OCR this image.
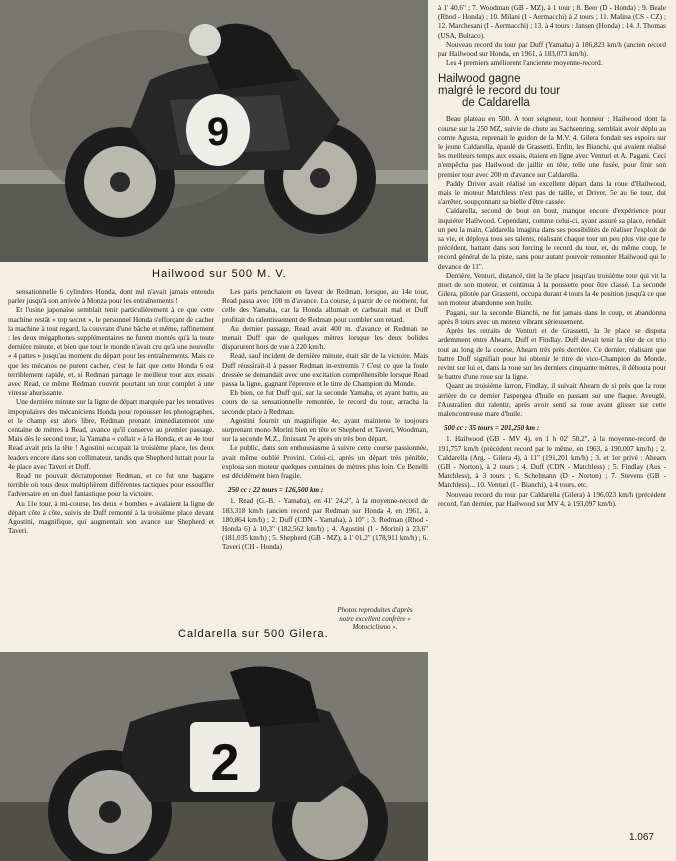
9
Hailwood sur 500 M. V.

sensationnelle 6 cylindres Honda, dont nul n'avait jamais entendu parler jusqu'à son arrivée à Monza pour les entraînements !

Et l'usine japonaise semblait tenir particulièrement à ce que cette machine restât « top secret », le personnel Honda s'efforçant de cacher la machine à tout regard, la couvrant d'une bâche et même, raffinement : les deux mégaphones supplémentaires ne furent montés qu'à la toute dernière minute, et bien que tout le monde n'avait cru qu'à une nouvelle « 4 pattes » jusqu'au moment du départ pour les entraînements. Mais ce que les mécanos ne purent cacher, c'est le fait que cette Honda 6 est terriblement rapide, et, si Redman partage le meilleur tour aux essais avec Read, ce même Redman couvrit pourtant un tour complet à une vitesse ahurissante.

Une dernière minute sur la ligne de départ marquée par les tentatives impopulaires des mécaniciens Honda pour repousser les photographes, et le champ est alors libre, Redman prenant immédiatement une centaine de mètres à Read, avance qu'il conserve au premier passage. Mais dès le second tour, la Yamaha « collait » à la Honda, et au 4e tour Read avait pris la tête ! Agostini occupait la troisième place, les deux leaders encore dans son collimateur, tandis que Shepherd luttait pour la 4e place avec Taveri et Duff.

Read ne pouvait décramponner Redman, et ce fut une bagarre terrible où tous deux multiplièrent différentes tactiques pour essouffler l'adversaire en un duel fantastique pour la victoire.

Au 11e tour, à mi-course, les deux « bombes » avalaient la ligne de départ côte à côte, suivis de Duff remonté à la troisième place devant Agostini, magnifique, qui augmentait son avance sur Shepherd et Taveri.

Les paris penchaient en faveur de Redman, lorsque, au 14e tour, Read passa avec 100 m d'avance. La course, à partir de ce moment, fut celle des Yamaha, car la Honda allumait et carburait mal et Duff profitait du ralentissement de Redman pour combler son retard.

Au dernier passage, Read avait 400 m. d'avance et Redman ne menait Duff que de quelques mètres lorsque les deux bolides disparurent hors de vue à 220 km/h.

Read, sauf incident de dernière minute, était sûr de la victoire. Mais Duff réussirait-il à passer Redman in-extremis ? C'est ce que la foule dressée se demandait avec une excitation compréhensible lorsque Read passa la ligne, gagnant l'épreuve et le titre de Champion du Monde.

Eh bien, ce fut Duff qui, sur la seconde Yamaha, et ayant battu, au cours de sa sensationnelle remontée, le record du tour, arracha la seconde place à Redman.

Agostini fournit un magnifique 4e, ayant maintenu le toujours surprenant mono Morini bien en tête et Shepherd et Taveri, Woodman, sur la seconde M.Z., finissant 7e après un très bon départ.

Le public, dans son enthousiasme à suivre cette course passionnée, avait même oublié Provini. Celui-ci, après un départ très pénible, explosa son moteur quelques centaines de mètres plus loin. Ce Benelli est décidément bien fragile.

250 cc : 22 tours = 126,500 km :

1. Read (G.-B. - Yamaha), en 41' 24,2", à la moyenne-record de 183,318 km/h (ancien record par Redman sur Honda 4, en 1961, à 180,864 km/h) ; 2. Duff (CDN - Yamaha), à 10" ; 3. Redman (Rhod - Honda 6) à 10,3" (182,562 km/h) ; 4. Agostini (I - Morini) à 23,6" (181,035 km/h) ; 5. Shepherd (GB - MZ), à 1' 01,2" (178,911 km/h) ; 6. Taveri (CH - Honda)

Caldarella sur 500 Gilera.
Photos reproduites d'après notre excellent confrère « Motociclismo ».
2

à 1' 40,6" ; 7. Woodman (GB - MZ), à 1 tour ; 8. Beer (D - Honda) ; 9. Beale (Rhod - Honda) ; 10. Milani (I - Aermacchi) à 2 tours ; 11. Malina (CS - CZ) ; 12. Marchesani (I - Aermacchi) ; 13. à 4 tours : Jansen (Honda) ; 14. J. Thomas (USA, Bultaco).

Nouveau record du tour par Duff (Yamaha) à 186,823 km/h (ancien record par Hailwood sur Honda, en 1961, à 183,073 km/h).

Les 4 premiers améliorent l'ancienne moyenne-record.

Hailwood gagne
malgré le record du tour
de Caldarella

Beau plateau en 500. A tout seigneur, tout honneur : Hailwood dont la course sur la 250 MZ, suivie de chute au Sachsenring, semblait avoir déplu au comte Agusta, reprenait le guidon de la M.V. 4. Gilera fondait ses espoirs sur le jeune Caldarella, épaulé de Grassetti. Enfin, les Bianchi, qui avaient réalisé les meilleurs temps aux essais, étaient en ligne avec Venturi et A. Pagani. Ceci n'empêcha pas Hailwood de jaillir en tête, telle une fusée, pour finir son premier tour avec 200 m d'avance sur Caldarella.

Paddy Driver avait réalisé un excellent départ dans la roue d'Hailwood, mais le moteur Matchless n'est pas de taille, et Driver, 5e au 6e tour, dut s'arrêter, soupçonnant sa bielle d'être cassée.

Caldarella, second de bout en bout, manque encore d'expérience pour inquiéter Hailwood. Cependant, comme celui-ci, ayant assuré sa place, rendait un peu la main, Caldarella imagina dans ses possibilités de réaliser l'exploit de sa vie, et déploya tous ses talents, réalisant chaque tour un peu plus vite que le précédent, battant dans son forcing le record du tour, et, du même coup, le record général de la piste, sans pour autant pouvoir remonter Hailwood qui le devance de 11".

Derrière, Venturi, distancé, tint la 3e place jusqu'au troisième tour qui vit la mort de son moteur, et continua à la poussette pour être classé. La seconde Gilera, pilotée par Grassetti, occupa durant 4 tours la 4e position jusqu'à ce que son moteur abandonne son huile.

Pagani, sur la seconde Bianchi, ne fut jamais dans le coup, et abandonna après 8 tours avec un moteur vibrant sérieusement.

Après les retraits de Venturi et de Grassetti, la 3e place se disputa ardemment entre Ahearn, Duff et Findlay. Duff devait tenir la tête de ce trio tout au long de la course, Ahearn très près derrière. Ce dernier, réalisant que battre Duff signifiait pour lui obtenir le titre de vice-Champion du Monde, revint sur lui et, dans la roue sur les derniers cinquante mètres, il débouta pour le battre d'une roue sur la ligne.

Quant au troisième larron, Findlay, il suivait Ahearn de si près que la roue arrière de ce dernier l'aspergea d'huile en passant sur une flaque. Aveuglé, l'Australien dut ralentir, après avoir senti sa roue avant glisser sur cette malencontreuse mare d'huile.

500 cc : 35 tours = 201,250 km :

1. Hailwood (GB - MV 4), en 1 h 02' 58,2", à la moyenne-record de 191,757 km/h (précédent record par le même, en 1963, à 190,007 km/h) ; 2. Caldarella (Arg. - Gilera 4), à 11" (191,201 km/h) ; 3. et 1er privé : Ahearn (GB - Norton), à 2 tours ; 4. Duff (CDN - Matchless) ; 5. Findlay (Aus - Matchless), à 3 tours ; 6. Schelmann (D - Norton) ; 7. Stevens (GB - Matchless)... 10. Venturi (I - Bianchi), à 4 tours, etc.

Nouveau record du tour par Caldarella (Gilera) à 196,023 km/h (précédent record, l'an dernier, par Hailwood sur MV 4, à 193,097 km/h).

1.067
